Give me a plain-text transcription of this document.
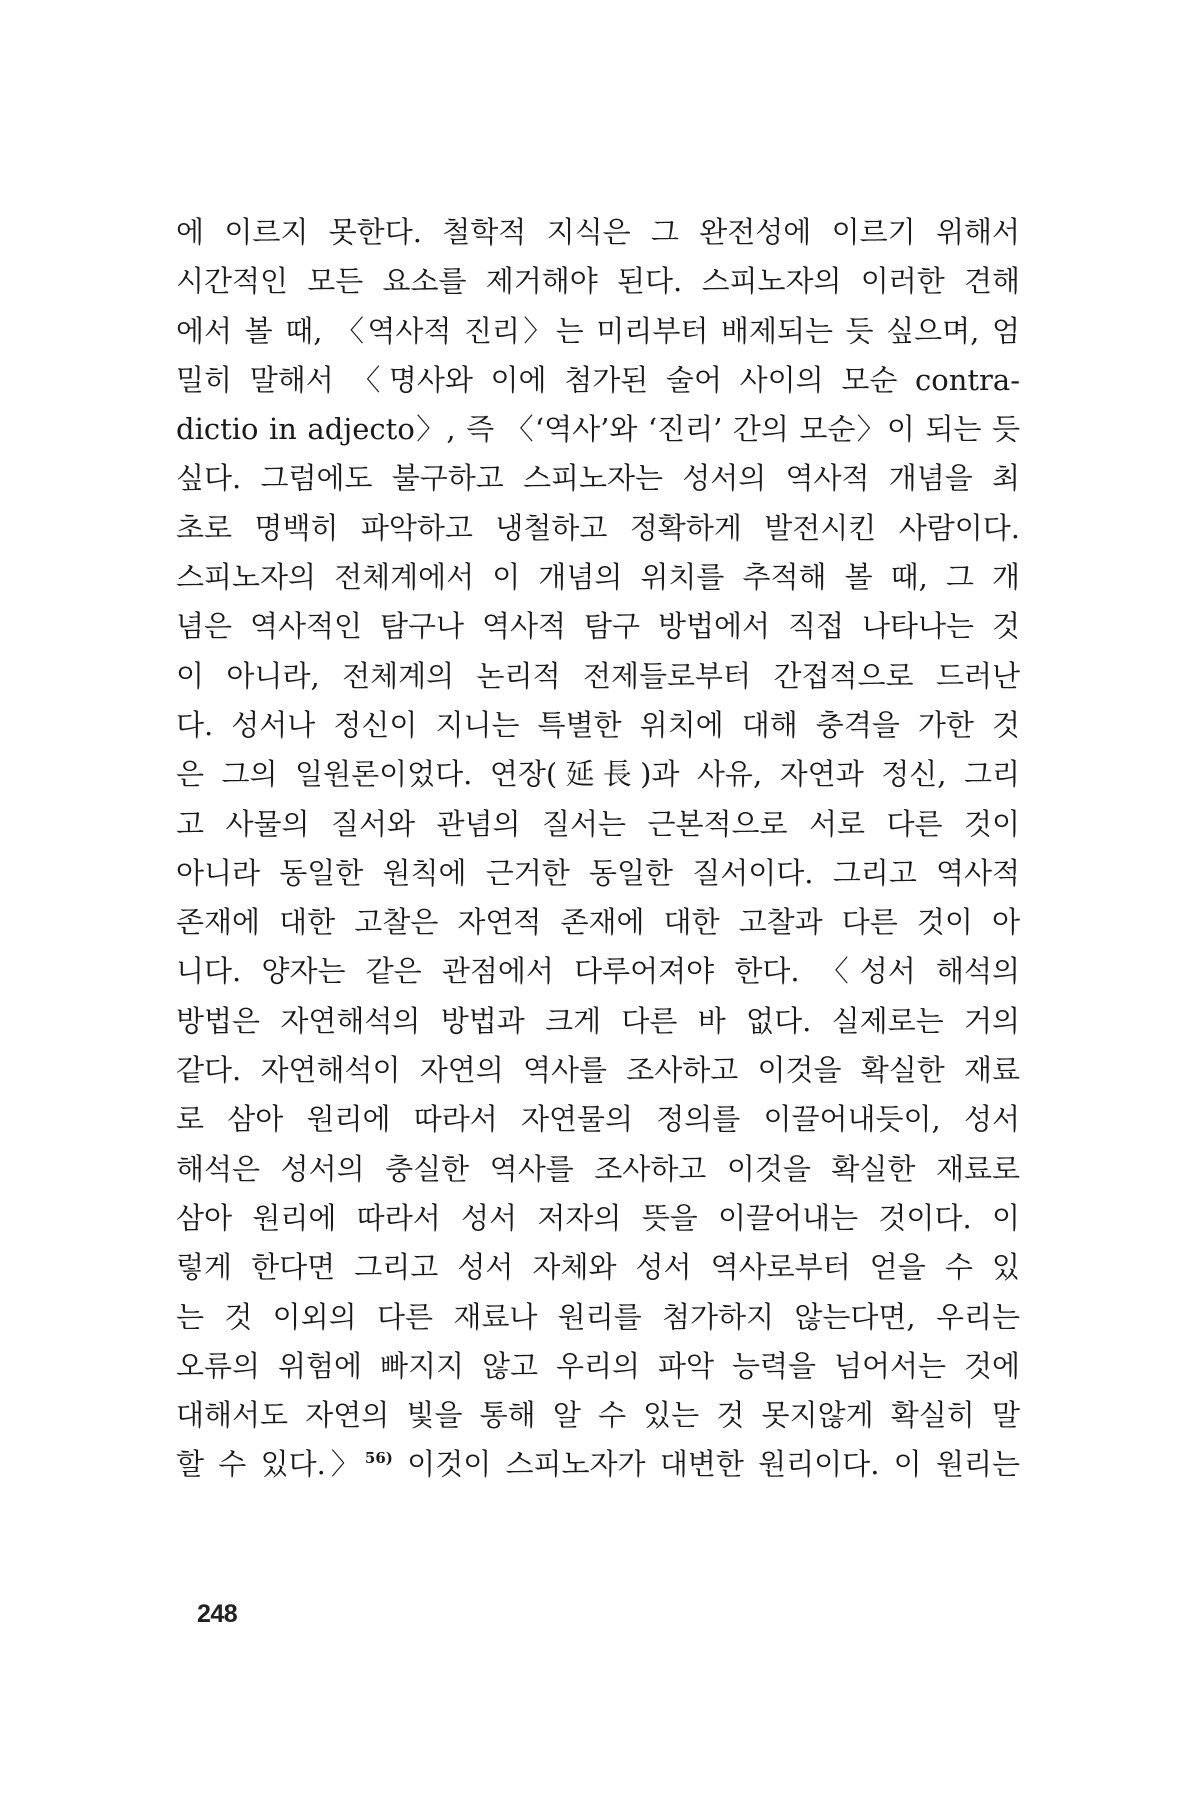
에 이르지 못한다. 철학적 지식은 그 완전성에 이르기 위해서
시간적인 모든 요소를 제거해야 된다. 스피노자의 이러한 견해
에서 볼 때, 〈역사적 진리〉는 미리부터 배제되는 듯 싶으며, 엄
밀히 말해서 〈명사와 이에 첨가된 술어 사이의 모순 contra-
dictio in adjecto〉, 즉 〈‘역사’와 ‘진리’ 간의 모순〉이 되는 듯
싶다. 그럼에도 불구하고 스피노자는 성서의 역사적 개념을 최
초로 명백히 파악하고 냉철하고 정확하게 발전시킨 사람이다.
스피노자의 전체계에서 이 개념의 위치를 추적해 볼 때, 그 개
념은 역사적인 탐구나 역사적 탐구 방법에서 직접 나타나는 것
이 아니라, 전체계의 논리적 전제들로부터 간접적으로 드러난
다. 성서나 정신이 지니는 특별한 위치에 대해 충격을 가한 것
은 그의 일원론이었다. 연장(延長)과 사유, 자연과 정신, 그리
고 사물의 질서와 관념의 질서는 근본적으로 서로 다른 것이
아니라 동일한 원칙에 근거한 동일한 질서이다. 그리고 역사적
존재에 대한 고찰은 자연적 존재에 대한 고찰과 다른 것이 아
니다. 양자는 같은 관점에서 다루어져야 한다. 〈성서 해석의
방법은 자연해석의 방법과 크게 다른 바 없다. 실제로는 거의
같다. 자연해석이 자연의 역사를 조사하고 이것을 확실한 재료
로 삼아 원리에 따라서 자연물의 정의를 이끌어내듯이, 성서
해석은 성서의 충실한 역사를 조사하고 이것을 확실한 재료로
삼아 원리에 따라서 성서 저자의 뜻을 이끌어내는 것이다. 이
렇게 한다면 그리고 성서 자체와 성서 역사로부터 얻을 수 있
는 것 이외의 다른 재료나 원리를 첨가하지 않는다면, 우리는
오류의 위험에 빠지지 않고 우리의 파악 능력을 넘어서는 것에
대해서도 자연의 빛을 통해 알 수 있는 것 못지않게 확실히 말
할 수 있다.〉$^{56)}$ 이것이 스피노자가 대변한 원리이다. 이 원리는
248
